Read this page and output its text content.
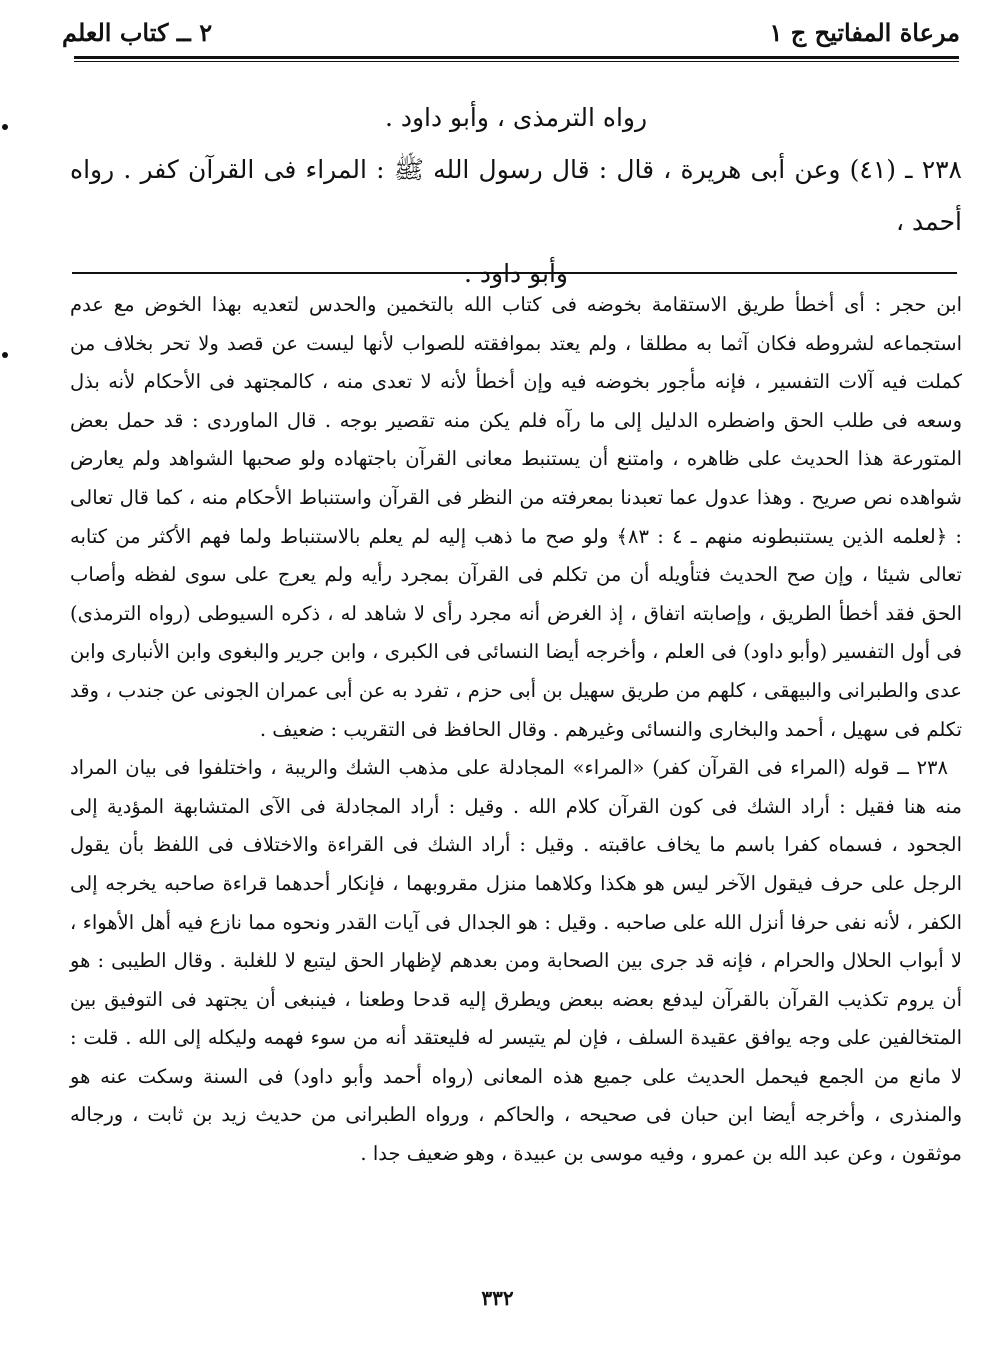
مرعاة المفاتيح ج ١
٢ ــ كتاب العلم
رواه الترمذى ، وأبو داود .
٢٣٨ ـ (٤١) وعن أبى هريرة ، قال : قال رسول الله ﷺ : المراء فى القرآن كفر . رواه أحمد ،
وأبو داود .

ابن حجر : أى أخطأ طريق الاستقامة بخوضه فى كتاب الله بالتخمين والحدس لتعديه بهذا الخوض مع عدم استجماعه لشروطه فكان آثما به مطلقا ، ولم يعتد بموافقته للصواب لأنها ليست عن قصد ولا تحر بخلاف من كملت فيه آلات التفسير ، فإنه مأجور بخوضه فيه وإن أخطأ لأنه لا تعدى منه ، كالمجتهد فى الأحكام لأنه بذل وسعه فى طلب الحق واضطره الدليل إلى ما رآه فلم يكن منه تقصير بوجه . قال الماوردى : قد حمل بعض المتورعة هذا الحديث على ظاهره ، وامتنع أن يستنبط معانى القرآن باجتهاده ولو صحبها الشواهد ولم يعارض شواهده نص صريح . وهذا عدول عما تعبدنا بمعرفته من النظر فى القرآن واستنباط الأحكام منه ، كما قال تعالى : ﴿لعلمه الذين يستنبطونه منهم ـ ٤ : ٨٣﴾ ولو صح ما ذهب إليه لم يعلم بالاستنباط ولما فهم الأكثر من كتابه تعالى شيئا ، وإن صح الحديث فتأويله أن من تكلم فى القرآن بمجرد رأيه ولم يعرج على سوى لفظه وأصاب الحق فقد أخطأ الطريق ، وإصابته اتفاق ، إذ الغرض أنه مجرد رأى لا شاهد له ، ذكره السيوطى (رواه الترمذى) فى أول التفسير (وأبو داود) فى العلم ، وأخرجه أيضا النسائى فى الكبرى ، وابن جرير والبغوى وابن الأنبارى وابن عدى والطبرانى والبيهقى ، كلهم من طريق سهيل بن أبى حزم ، تفرد به عن أبى عمران الجونى عن جندب ، وقد تكلم فى سهيل ، أحمد والبخارى والنسائى وغيرهم . وقال الحافظ فى التقريب : ضعيف .

٢٣٨ ــ قوله (المراء فى القرآن كفر) «المراء» المجادلة على مذهب الشك والريبة ، واختلفوا فى بيان المراد منه هنا فقيل : أراد الشك فى كون القرآن كلام الله . وقيل : أراد المجادلة فى الآى المتشابهة المؤدية إلى الجحود ، فسماه كفرا باسم ما يخاف عاقبته . وقيل : أراد الشك فى القراءة والاختلاف فى اللفظ بأن يقول الرجل على حرف فيقول الآخر ليس هو هكذا وكلاهما منزل مقروبهما ، فإنكار أحدهما قراءة صاحبه يخرجه إلى الكفر ، لأنه نفى حرفا أنزل الله على صاحبه . وقيل : هو الجدال فى آيات القدر ونحوه مما نازع فيه أهل الأهواء ، لا أبواب الحلال والحرام ، فإنه قد جرى بين الصحابة ومن بعدهم لإظهار الحق ليتبع لا للغلبة . وقال الطيبى : هو أن يروم تكذيب القرآن بالقرآن ليدفع بعضه ببعض ويطرق إليه قدحا وطعنا ، فينبغى أن يجتهد فى التوفيق بين المتخالفين على وجه يوافق عقيدة السلف ، فإن لم يتيسر له فليعتقد أنه من سوء فهمه وليكله إلى الله . قلت : لا مانع من الجمع فيحمل الحديث على جميع هذه المعانى (رواه أحمد وأبو داود) فى السنة وسكت عنه هو والمنذرى ، وأخرجه أيضا ابن حبان فى صحيحه ، والحاكم ، ورواه الطبرانى من حديث زيد بن ثابت ، ورجاله موثقون ، وعن عبد الله بن عمرو ، وفيه موسى بن عبيدة ، وهو ضعيف جدا .

٣٣٢
